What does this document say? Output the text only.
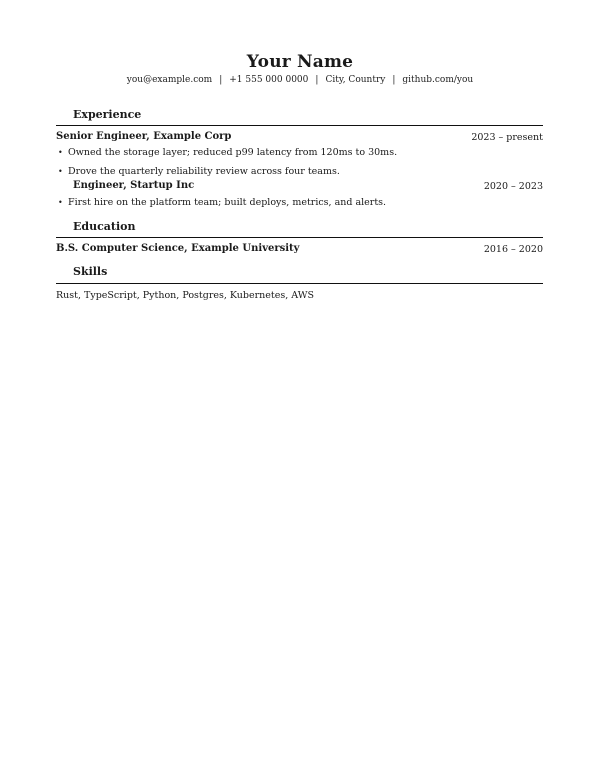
Your Name
you@example.com | +1 555 000 0000 | City, Country | github.com/you
Experience
Senior Engineer, Example Corp	2023 – present
• Owned the storage layer; reduced p99 latency from 120ms to 30ms.
• Drove the quarterly reliability review across four teams.
Engineer, Startup Inc	2020 – 2023
• First hire on the platform team; built deploys, metrics, and alerts.
Education
B.S. Computer Science, Example University	2016 – 2020
Skills
Rust, TypeScript, Python, Postgres, Kubernetes, AWS
